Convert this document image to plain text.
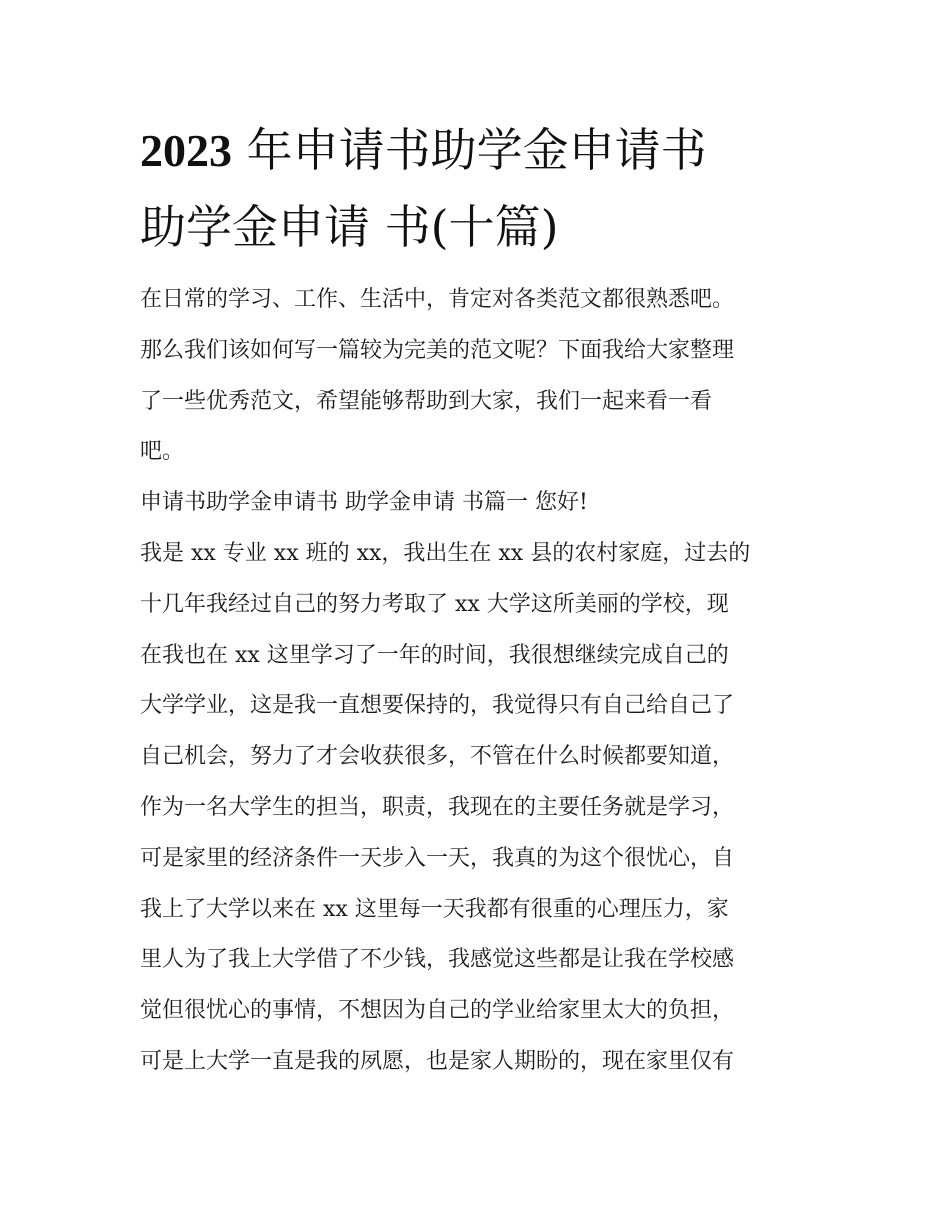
2023 年申请书助学金申请书
助学金申请 书(十篇)
在日常的学习、工作、生活中，肯定对各类范文都很熟悉吧。
那么我们该如何写一篇较为完美的范文呢？下面我给大家整理
了一些优秀范文，希望能够帮助到大家，我们一起来看一看
吧。
申请书助学金申请书 助学金申请 书篇一 您好!
我是 xx 专业 xx 班的 xx，我出生在 xx 县的农村家庭，过去的
十几年我经过自己的努力考取了 xx 大学这所美丽的学校，现
在我也在 xx 这里学习了一年的时间，我很想继续完成自己的
大学学业，这是我一直想要保持的，我觉得只有自己给自己了
自己机会，努力了才会收获很多，不管在什么时候都要知道，
作为一名大学生的担当，职责，我现在的主要任务就是学习，
可是家里的经济条件一天步入一天，我真的为这个很忧心，自
我上了大学以来在 xx 这里每一天我都有很重的心理压力，家
里人为了我上大学借了不少钱，我感觉这些都是让我在学校感
觉但很忧心的事情，不想因为自己的学业给家里太大的负担，
可是上大学一直是我的夙愿，也是家人期盼的，现在家里仅有
